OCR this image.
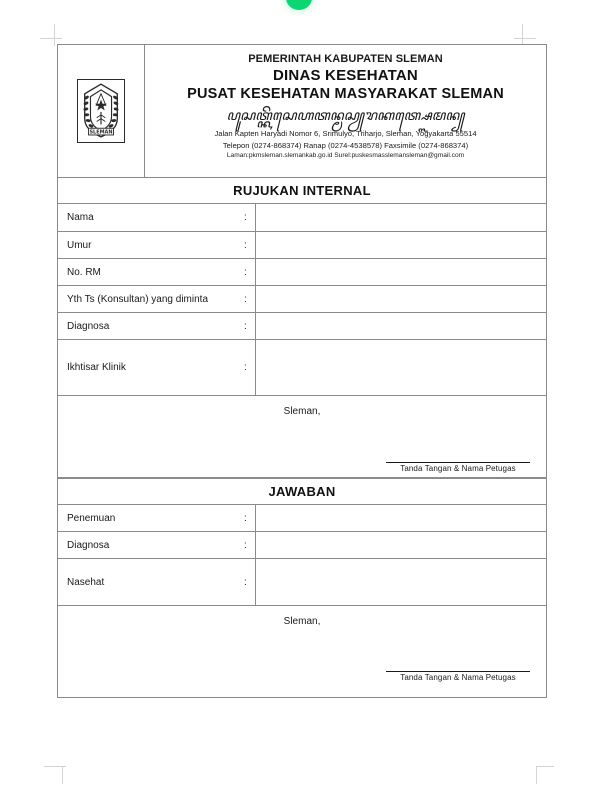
SLEMAN
PEMERINTAH KABUPATEN SLEMAN
DINAS KESEHATAN
PUSAT KESEHATAN MASYARAKAT SLEMAN
ꦥꦸꦱꦠ꧀ꦏꦼꦱꦺꦲꦠꦤ꧀ꦩꦱꦾꦫꦏꦠ꧀ꦱ꧀ꦭꦺꦩꦤ꧀
Jalan Kapten Haryadi Nomor 6, Srimulyo, Triharjo, Sleman, Yogyakarta 55514
Telepon (0274-868374) Ranap (0274-4538578) Faxsimile (0274-868374)
Laman:pkmsleman.slemankab.go.id Surel:puskesmasslemansleman@gmail.com
RUJUKAN INTERNAL
Nama	:
Umur	:
No. RM	:
Yth Ts (Konsultan) yang diminta	:
Diagnosa	:
Ikhtisar Klinik	:
Sleman,
Tanda Tangan & Nama Petugas
JAWABAN
Penemuan	:
Diagnosa	:
Nasehat	:
Sleman,
Tanda Tangan & Nama Petugas
